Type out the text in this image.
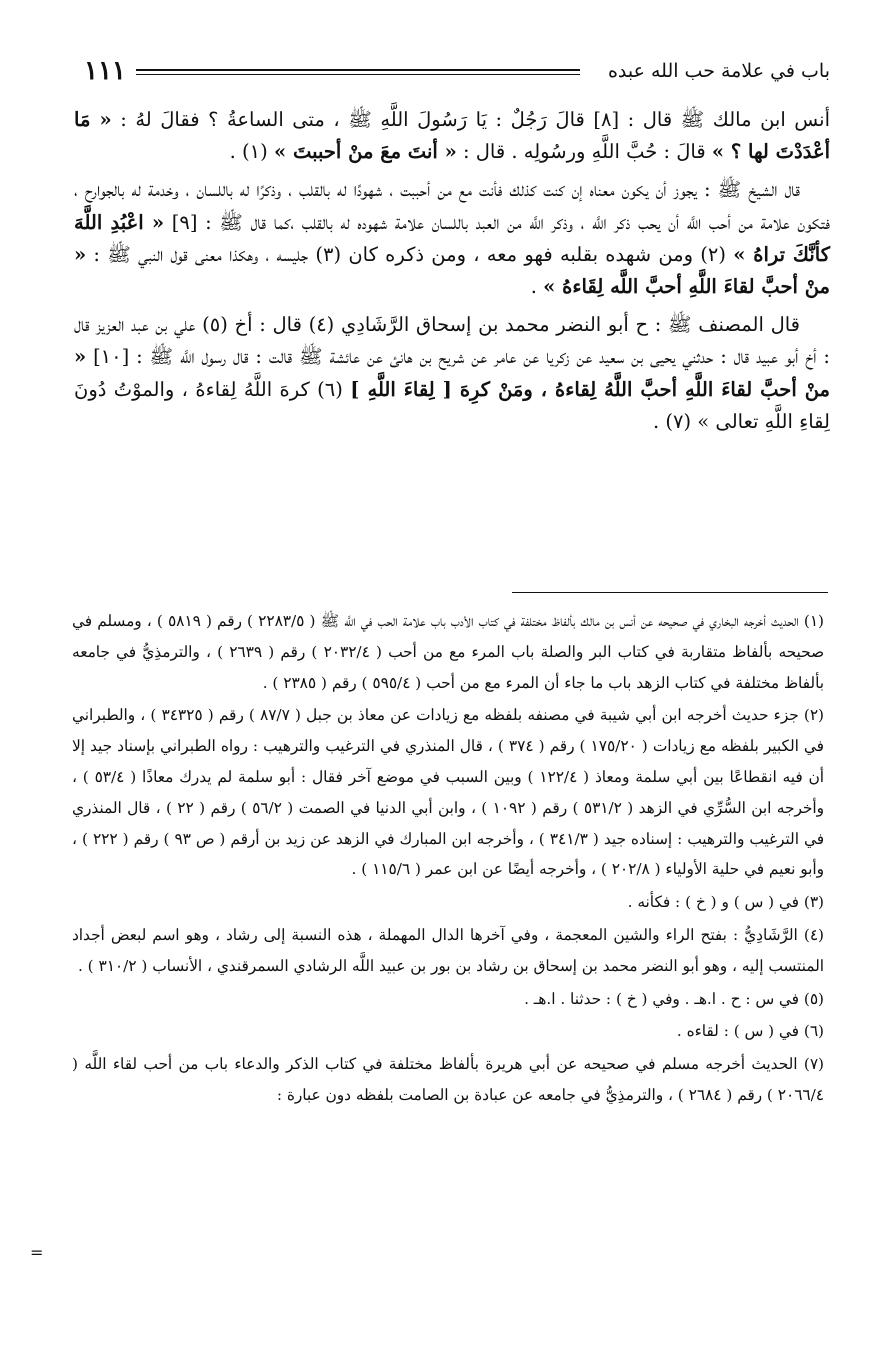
١١١	باب في علامة حب الله عبده

أنس ابن مالك ﷺ قال : [٨] قالَ رَجُلٌ : يَا رَسُولَ اللَّهِ ﷺ ، متى الساعةُ ؟ فقالَ لهُ : « مَا أعْدَدْتَ لها ؟ » قالَ : حُبَّ اللَّهِ ورسُولِه . قال : « أنتَ معَ منْ أحببتَ » (١) .

قال الشيخ ﷺ : يجوز أن يكون معناه إن كنت كذلك فأنت مع من أحببت ، شهودًا له بالقلب ، وذكرًا له باللسان ، وخدمة له بالجوارح ، فتكون علامة من أحب اللَّه أن يحب ذكر اللَّه ، وذكر اللَّه من العبد باللسان علامة شهوده له بالقلب ،كما قال ﷺ : [٩] « اعْبُدِ اللَّهَ كأنَّكَ تراهُ » (٢) ومن شهده بقلبه فهو معه ، ومن ذكره كان (٣) جليسه ، وهكذا معنى قول النبي ﷺ : « منْ أحبَّ لقاءَ اللَّهِ أحبَّ اللَّه لِقَاءهُ » .

قال المصنف ﷺ : ح أبو النضر محمد بن إسحاق الرَّشَادِي (٤) قال : أخ (٥) علي بن عبد العزيز قال : أخ أبو عبيد قال : حدثني يحيى بن سعيد عن زكريا عن عامر عن شريح بن هانئ عن عائشة ﷺ قالت : قال رسول اللَّه ﷺ : [١٠] « منْ أحبَّ لقاءَ اللَّهِ أحبَّ اللَّهُ لِقاءهُ ، ومَنْ كرِهَ [ لِقاءَ اللَّهِ ] (٦) كرهَ اللَّهُ لِقاءهُ ، والموْتُ دُونَ لِقاءِ اللَّهِ تعالى » (٧) .

(١) الحديث أخرجه البخاري في صحيحه عن أنس بن مالك بألفاظ مختلفة في كتاب الأدب باب علامة الحب في اللَّه ﷺ ( ٢٢٨٣/٥ ) رقم ( ٥٨١٩ ) ، ومسلم في صحيحه بألفاظ متقاربة في كتاب البر والصلة باب المرء مع من أحب ( ٢٠٣٢/٤ ) رقم ( ٢٦٣٩ ) ، والترمذِيُّ في جامعه بألفاظ مختلفة في كتاب الزهد باب ما جاء أن المرء مع من أحب ( ٥٩٥/٤ ) رقم ( ٢٣٨٥ ) .

(٢) جزء حديث أخرجه ابن أبي شيبة في مصنفه بلفظه مع زيادات عن معاذ بن جبل ( ٨٧/٧ ) رقم ( ٣٤٣٢٥ ) ، والطبراني في الكبير بلفظه مع زيادات ( ١٧٥/٢٠ ) رقم ( ٣٧٤ ) ، قال المنذري في الترغيب والترهيب : رواه الطبراني بإسناد جيد إلا أن فيه انقطاعًا بين أبي سلمة ومعاذ ( ١٢٢/٤ ) وبين السبب في موضع آخر فقال : أبو سلمة لم يدرك معاذًا ( ٥٣/٤ ) ، وأخرجه ابن السُّرِّي في الزهد ( ٥٣١/٢ ) رقم ( ١٠٩٢ ) ، وابن أبي الدنيا في الصمت ( ٥٦/٢ ) رقم ( ٢٢ ) ، قال المنذري في الترغيب والترهيب : إسناده جيد ( ٣٤١/٣ ) ، وأخرجه ابن المبارك في الزهد عن زيد بن أرقم ( ص ٩٣ ) رقم ( ٢٢٢ ) ، وأبو نعيم في حلية الأولياء ( ٢٠٢/٨ ) ، وأخرجه أيضًا عن ابن عمر ( ١١٥/٦ ) .

(٣) في ( س ) و ( خ ) : فكأنه .

(٤) الرَّشَادِيُّ : بفتح الراء والشين المعجمة ، وفي آخرها الدال المهملة ، هذه النسبة إلى رشاد ، وهو اسم لبعض أجداد المنتسب إليه ، وهو أبو النضر محمد بن إسحاق بن رشاد بن بور بن عبيد اللَّه الرشادي السمرقندي ، الأنساب ( ٣١٠/٢ ) .

(٥) في س : ح . ا.هـ . وفي ( خ ) : حدثنا . ا.هـ .

(٦) في ( س ) : لقاءه .

(٧) الحديث أخرجه مسلم في صحيحه عن أبي هريرة بألفاظ مختلفة في كتاب الذكر والدعاء باب من أحب لقاء اللَّه ( ٢٠٦٦/٤ ) رقم ( ٢٦٨٤ ) ، والترمذِيُّ في جامعه عن عبادة بن الصامت بلفظه دون عبارة :

=
